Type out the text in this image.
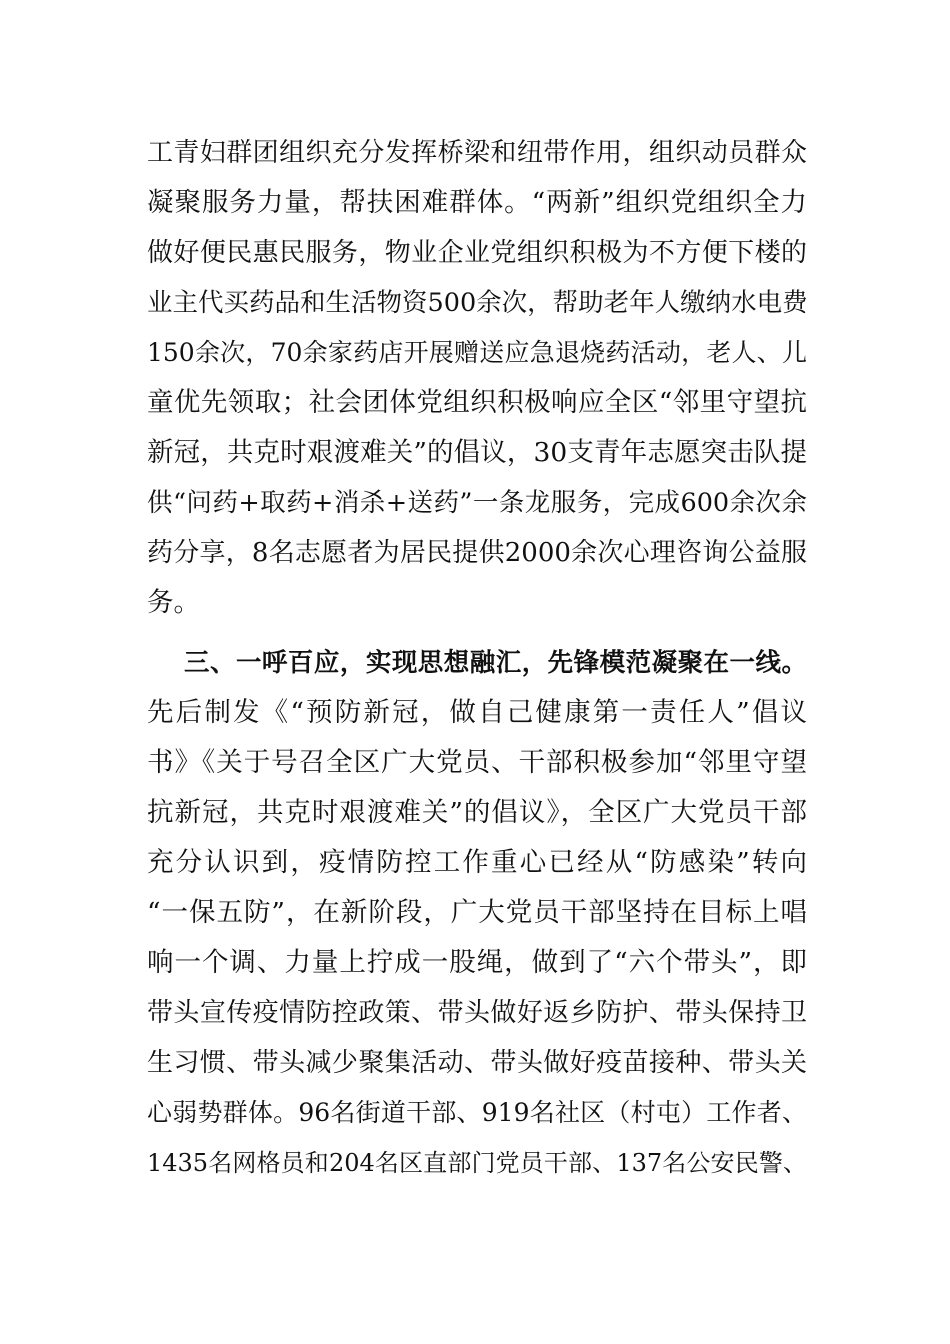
工青妇群团组织充分发挥桥梁和纽带作用，组织动员群众
凝聚服务力量，帮扶困难群体。“两新”组织党组织全力
做好便民惠民服务，物业企业党组织积极为不方便下楼的
业主代买药品和生活物资500余次，帮助老年人缴纳水电费
150余次，70余家药店开展赠送应急退烧药活动，老人、儿
童优先领取；社会团体党组织积极响应全区“邻里守望抗
新冠，共克时艰渡难关”的倡议，30支青年志愿突击队提
供“问药+取药+消杀+送药”一条龙服务，完成600余次余
药分享，8名志愿者为居民提供2000余次心理咨询公益服
务。
三、一呼百应，实现思想融汇，先锋模范凝聚在一线。
先后制发《“预防新冠，做自己健康第一责任人”倡议
书》《关于号召全区广大党员、干部积极参加“邻里守望
抗新冠，共克时艰渡难关”的倡议》，全区广大党员干部
充分认识到，疫情防控工作重心已经从“防感染”转向
“一保五防”，在新阶段，广大党员干部坚持在目标上唱
响一个调、力量上拧成一股绳，做到了“六个带头”，即
带头宣传疫情防控政策、带头做好返乡防护、带头保持卫
生习惯、带头减少聚集活动、带头做好疫苗接种、带头关
心弱势群体。96名街道干部、919名社区（村屯）工作者、
1435名网格员和204名区直部门党员干部、137名公安民警、
